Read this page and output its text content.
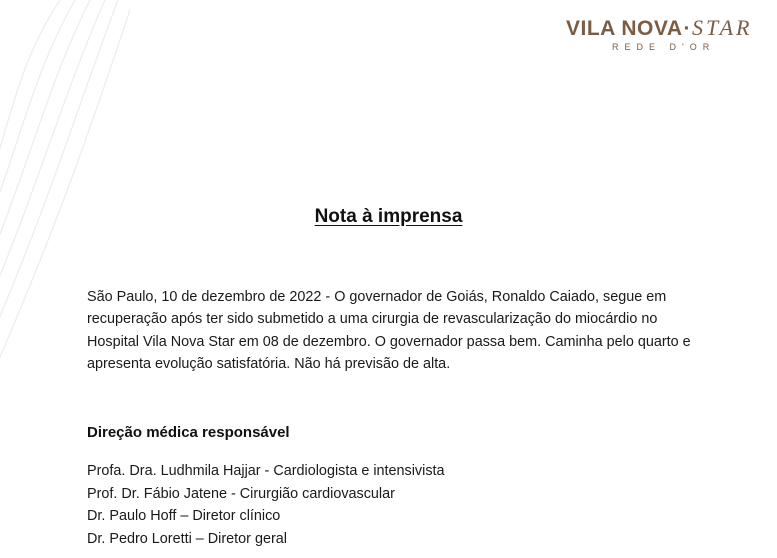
VILA NOVA·STAR
REDE D'OR
Nota à imprensa
São Paulo, 10 de dezembro de 2022 - O governador de Goiás, Ronaldo Caiado, segue em recuperação após ter sido submetido a uma cirurgia de revascularização do miocárdio no Hospital Vila Nova Star em 08 de dezembro. O governador passa bem. Caminha pelo quarto e apresenta evolução satisfatória. Não há previsão de alta.
Direção médica responsável
Profa. Dra. Ludhmila Hajjar - Cardiologista e intensivista
Prof. Dr. Fábio Jatene - Cirurgião cardiovascular
Dr. Paulo Hoff – Diretor clínico
Dr. Pedro Loretti – Diretor geral
